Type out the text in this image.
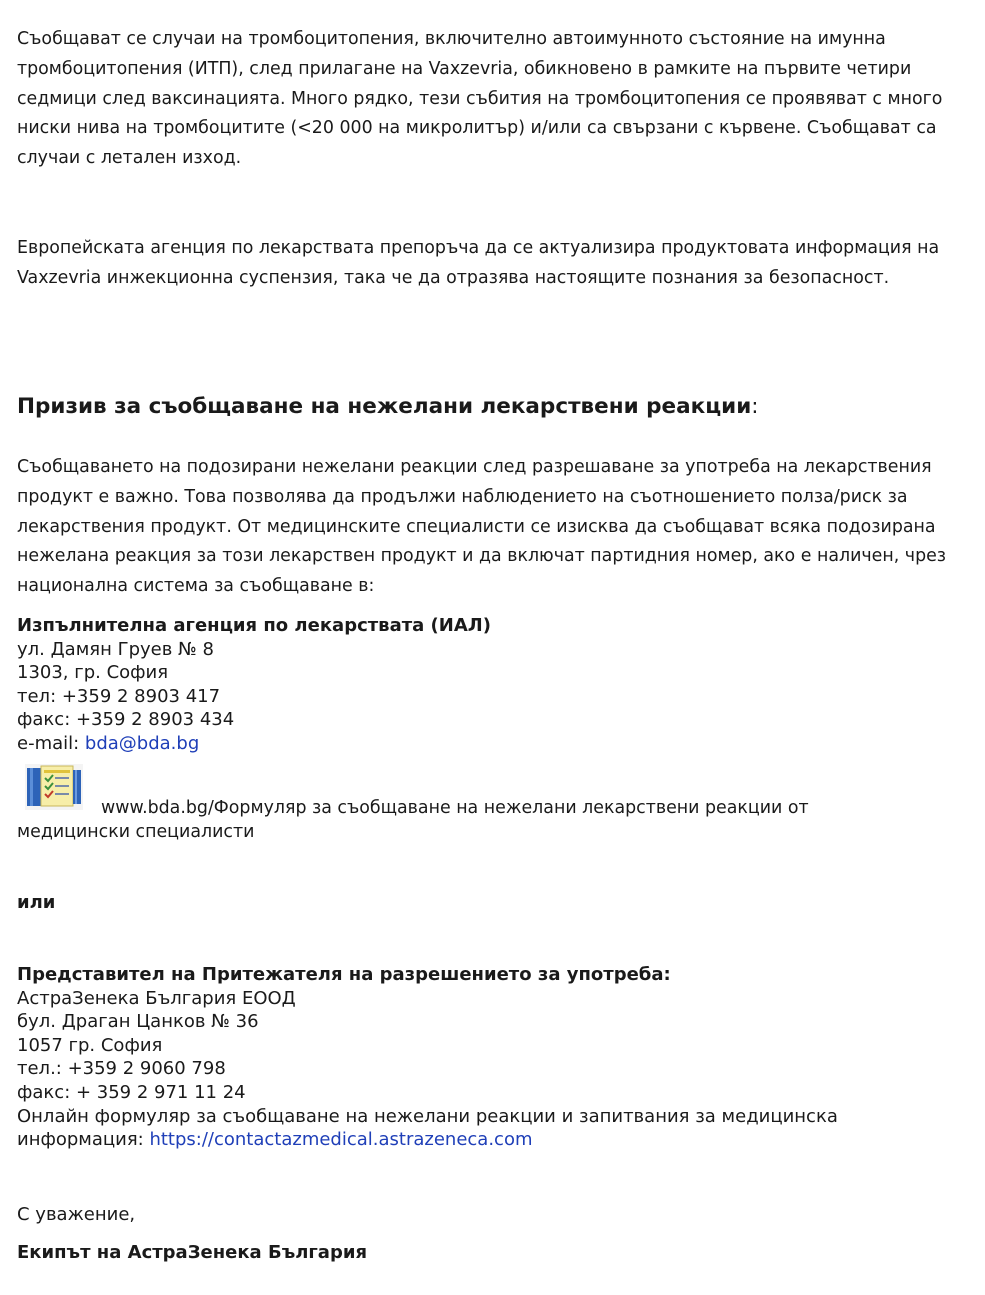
Съобщават се случаи на тромбоцитопения, включително автоимунното състояние на имунна тромбоцитопения (ИТП), след прилагане на Vaxzevria, обикновено в рамките на първите четири седмици след ваксинацията. Много рядко, тези събития на тромбоцитопения се проявяват с много ниски нива на тромбоцитите (<20 000 на микролитър) и/или са свързани с кървене. Съобщават са случаи с летален изход.

Европейската агенция по лекарствата препоръча да се актуализира продуктовата информация на Vaxzevria инжекционна суспензия, така че да отразява настоящите познания за безопасност.

Призив за съобщаване на нежелани лекарствени реакции:

Съобщаването на подозирани нежелани реакции след разрешаване за употреба на лекарствения продукт е важно. Това позволява да продължи наблюдението на съотношението полза/риск за лекарствения продукт. От медицинските специалисти се изисква да съобщават всяка подозирана нежелана реакция за този лекарствен продукт и да включат партидния номер, ако е наличен, чрез национална система за съобщаване в:

Изпълнителна агенция по лекарствата (ИАЛ)
ул. Дамян Груев № 8
1303, гр. София
тел: +359 2 8903 417
факс: +359 2 8903 434
e-mail: bda@bda.bg
www.bda.bg/Формуляр за съобщаване на нежелани лекарствени реакции от
медицински специалисти
или
Представител на Притежателя на разрешението за употреба:
АстраЗенека България ЕООД
бул. Драган Цанков № 36
1057 гр. София
тел.: +359 2 9060 798
факс: + 359 2 971 11 24
Онлайн формуляр за съобщаване на нежелани реакции и запитвания за медицинска
информация: https://contactazmedical.astrazeneca.com
С уважение,
Екипът на АстраЗенека България
